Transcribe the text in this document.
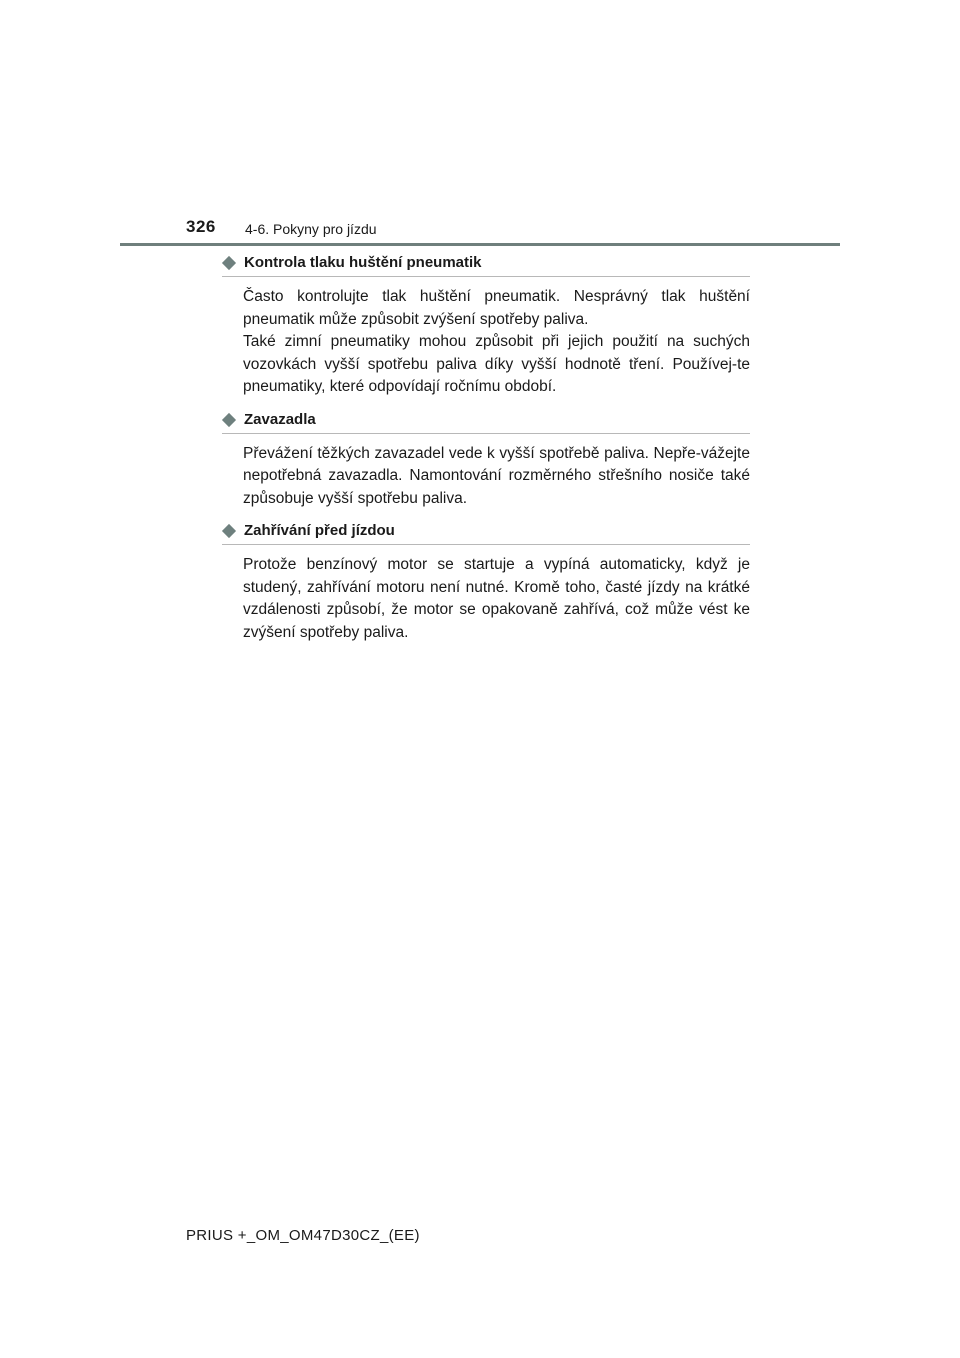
326 4-6. Pokyny pro jízdu
Kontrola tlaku huštění pneumatik

Často kontrolujte tlak huštění pneumatik. Nesprávný tlak huštění pneumatik může způsobit zvýšení spotřeby paliva.

Také zimní pneumatiky mohou způsobit při jejich použití na suchých vozovkách vyšší spotřebu paliva díky vyšší hodnotě tření. Používej-te pneumatiky, které odpovídají ročnímu období.

Zavazadla

Převážení těžkých zavazadel vede k vyšší spotřebě paliva. Nepře-vážejte nepotřebná zavazadla. Namontování rozměrného střešního nosiče také způsobuje vyšší spotřebu paliva.

Zahřívání před jízdou

Protože benzínový motor se startuje a vypíná automaticky, když je studený, zahřívání motoru není nutné. Kromě toho, časté jízdy na krátké vzdálenosti způsobí, že motor se opakovaně zahřívá, což může vést ke zvýšení spotřeby paliva.

PRIUS +_OM_OM47D30CZ_(EE)
